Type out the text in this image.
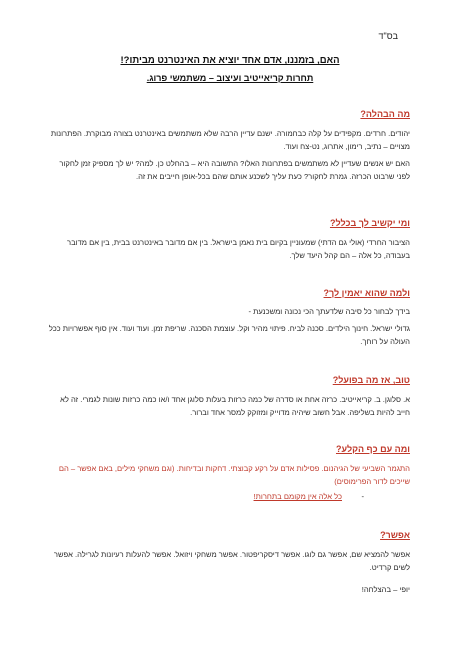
בס"ד
האם, בזמננו, אדם אחד יוציא את האינטרנט מביתו?!
תחרות קריאייטיב ועיצוב – משתמשי פרוג.
מה הבהלה?

יהודים. חרדים. מקפידים על קלה כבחמורה. ישנם עדיין הרבה שלא משתמשים באינטרנט בצורה מבוקרת. הפתרונות מצויים – נתיב, רימון, אתרוג, נט-צח ועוד.

האם יש אנשים שעדיין לא משתמשים בפתרונות האלו? התשובה היא – בהחלט כן. למה? יש לך מספיק זמן לחקור לפני שרבוט הכרזה. גמרת לחקור? כעת עליך לשכנע אותם שהם בכל-אופן חייבים את זה.

ומי יקשיב לך בכלל?

הציבור החרדי (אולי גם הדתי) שמעוניין בקיום בית נאמן בישראל. בין אם מדובר באינטרנט בבית, בין אם מדובר בעבודה, כל אלה – הם קהל היעד שלך.

ולמה שהוא יאמין לך?

בידך לבחור כל סיבה שלדעתך הכי נכונה ומשכנעת -

גדולי ישראל. חינוך הילדים. סכנה לביח. פיתוי מהיר וקל. עוצמת הסכנה. שריפת זמן. ועוד ועוד. אין סוף אפשרויות ככל העולה על רוחך.

טוב, אז מה בפועל?

א. סלוגן. ב. קריאייטיב. כרזה אחת או סדרה של כמה כרזות בעלות סלוגן אחד ו/או כמה כרזות שונות לגמרי. זה לא חייב להיות בשליפה. אבל חשוב שיהיה מדוייק ומזוקק למסר אחד וברור.

ומה עם כף הקלע?

התגמר השביעי של הגיהנום. פסילות אדם על רקע קבוצתי. דחקות ובדיחות. (וגם משחקי מילים, באם אפשר – הם שייכים לדור הפרימוסים)

-
כל אלה אין מקומם בתחרות!

אפשר?

אפשר להמציא שם, אפשר גם לוגו. אפשר דיסקריפטור. אפשר משחקי ויזואל. אפשר להעלות רעיונות לגרילה. אפשר לשים קרדיט.

יופי – בהצלחה!
